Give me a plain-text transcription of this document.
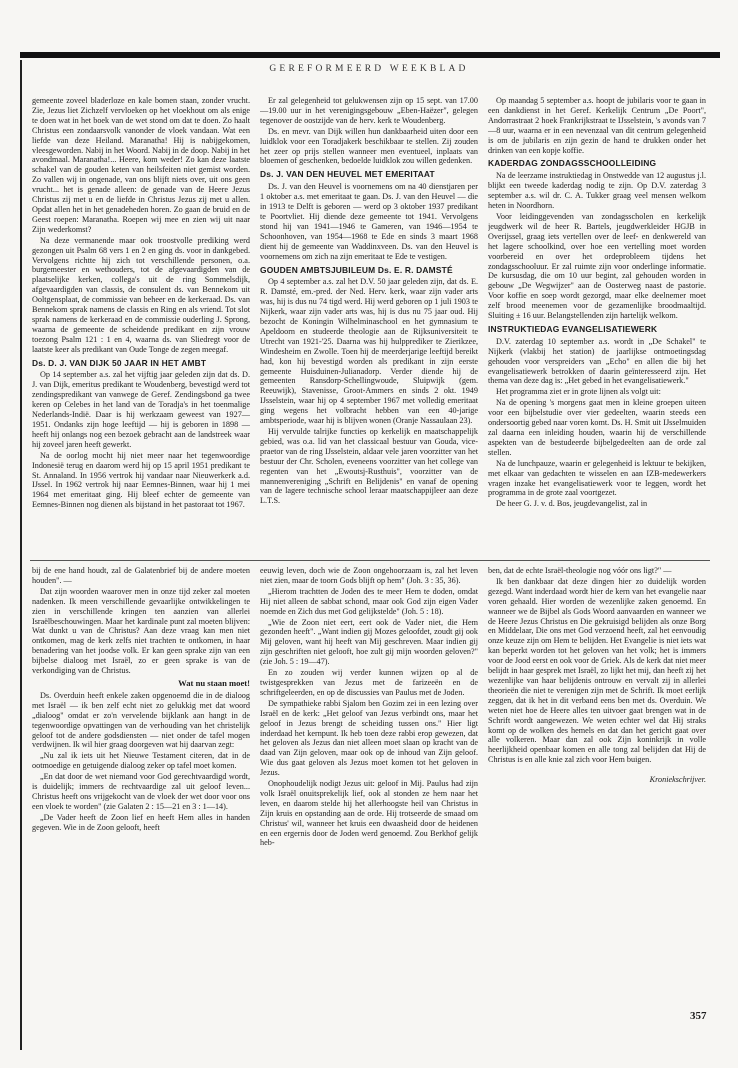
GEREFORMEERD WEEKBLAD

gemeente zoveel bladerloze en kale bomen staan, zonder vrucht. Zie, Jezus liet Zichzelf vervloeken op het vloekhout om als enige te doen wat in het boek van de wet stond om dat te doen. Zo haalt Christus een zondaarsvolk vanonder de vloek vandaan. Wat een liefde van deze Heiland. Maranatha! Hij is nabijgekomen, vleesgeworden. Nabij in het Woord. Nabij in de doop. Nabij in het avondmaal. Maranatha!... Heere, kom weder! Zo kan deze laatste schakel van de gouden keten van heilsfeiten niet gemist worden. Zo vallen wij in ongenade, van ons blijft niets over, uit ons geen vrucht... het is genade alleen: de genade van de Heere Jezus Christus zij met u en de liefde in Christus Jezus zij met u allen. Opdat allen het in het genadeheden horen. Zo gaan de bruid en de Geest roepen: Maranatha. Roepen wij mee en zien wij uit naar Zijn wederkomst?

Na deze vermanende maar ook troostvolle prediking werd gezongen uit Psalm 68 vers 1 en 2 en ging ds. voor in dankgebed. Vervolgens richtte hij zich tot verschillende personen, o.a. burgemeester en wethouders, tot de afgevaardigden van de plaatselijke kerken, collega's uit de ring Sommelsdijk, afgevaardigden van classis, de consulent ds. van Bennekom uit Ooltgensplaat, de commissie van beheer en de kerkeraad. Ds. van Bennekom sprak namens de classis en Ring en als vriend. Tot slot sprak namens de kerkeraad en de commissie ouderling J. Sprong, waarna de gemeente de scheidende predikant en zijn vrouw toezong Psalm 121 : 1 en 4, waarna ds. van Sliedregt voor de laatste keer als predikant van Oude Tonge de zegen meegaf.

Ds. D. J. VAN DIJK 50 JAAR IN HET AMBT

Op 14 september a.s. zal het vijftig jaar geleden zijn dat ds. D. J. van Dijk, emeritus predikant te Woudenberg, bevestigd werd tot zendingspredikant van vanwege de Geref. Zendingsbond ga twee keren op Celebes in het land van de Toradja's in het toenmalige Nederlands-Indië. Daar is hij werkzaam geweest van 1927—1951. Ondanks zijn hoge leeftijd — hij is geboren in 1898 — heeft hij onlangs nog een bezoek gebracht aan de landstreek waar hij zoveel jaren heeft gewerkt.

Na de oorlog mocht hij niet meer naar het tegenwoordige Indonesië terug en daarom werd hij op 15 april 1951 predikant te St. Annaland. In 1956 vertrok hij vandaar naar Nieuwerkerk a.d. IJssel. In 1962 vertrok hij naar Eemnes-Binnen, waar hij 1 mei 1964 met emeritaat ging. Hij bleef echter de gemeente van Eemnes-Binnen nog dienen als bijstand in het pastoraat tot 1967.

Er zal gelegenheid tot gelukwensen zijn op 15 sept. van 17.00—19.00 uur in het verenigingsgebouw „Eben-Haëzer", gelegen tegenover de oostzijde van de herv. kerk te Woudenberg.

Ds. en mevr. van Dijk willen hun dankbaarheid uiten door een luidklok voor een Toradjakerk beschikbaar te stellen. Zij zouden het zeer op prijs stellen wanneer men eventueel, inplaats van bloemen of geschenken, bedoelde luidklok zou willen gedenken.

Ds. J. VAN DEN HEUVEL MET EMERITAAT

Ds. J. van den Heuvel is voornemens om na 40 dienstjaren per 1 oktober a.s. met emeritaat te gaan. Ds. J. van den Heuvel — die in 1913 te Delft is geboren — werd op 3 oktober 1937 predikant te Poortvliet. Hij diende deze gemeente tot 1941. Vervolgens stond hij van 1941—1946 te Gameren, van 1946—1954 te Schoonhoven, van 1954—1968 te Ede en sinds 3 maart 1968 dient hij de gemeente van Waddinxveen. Ds. van den Heuvel is voornemens om zich na zijn emeritaat te Ede te vestigen.

GOUDEN AMBTSJUBILEUM Ds. E. R. DAMSTÉ

Op 4 september a.s. zal het D.V. 50 jaar geleden zijn, dat ds. E. R. Damsté, em.-pred. der Ned. Herv. kerk, waar zijn vader arts was, hij is dus nu 74 tigd werd. Hij werd geboren op 1 juli 1903 te Nijkerk, waar zijn vader arts was, hij is dus nu 75 jaar oud. Hij bezocht de Koningin Wilhelminaschool en het gymnasium te Apeldoorn en studeerde theologie aan de Rijksuniversiteit te Utrecht van 1921-'25. Daarna was hij hulpprediker te Zierikzee, Windesheim en Zwolle. Toen hij de meerderjarige leeftijd bereikt had, kon hij bevestigd worden als predikant in zijn eerste gemeente Huisduinen-Julianadorp. Verder diende hij de gemeenten Ransdorp-Schellingwoude, Sluipwijk (gem. Reeuwijk), Stavenisse, Groot-Ammers en sinds 2 okt. 1949 IJsselstein, waar hij op 4 september 1967 met volledig emeritaat ging wegens het volbracht hebben van een 40-jarige ambtsperiode, waar hij is blijven wonen (Oranje Nassaulaan 23).

Hij vervulde talrijke functies op kerkelijk en maatschappelijk gebied, was o.a. lid van het classicaal bestuur van Gouda, vice-praetor van de ring IJsselstein, aldaar vele jaren voorzitter van het bestuur der Chr. Scholen, eveneens voorzitter van het college van regenten van het „Ewoutsj-Rusthuis", voorzitter van de mannenvereniging „Schrift en Belijdenis" en vanaf de opening van de lagere technische school leraar maatschappijleer aan deze L.T.S.

Op maandag 5 september a.s. hoopt de jubilaris voor te gaan in een dankdienst in het Geref. Kerkelijk Centrum „De Poort", Andorrastraat 2 hoek Frankrijkstraat te IJsselstein, 's avonds van 7—8 uur, waarna er in een nevenzaal van dit centrum gelegenheid is om de jubilaris en zijn gezin de hand te drukken onder het drinken van een kopje koffie.

KADERDAG ZONDAGSSCHOOLLEIDING

Na de leerzame instruktiedag in Onstwedde van 12 augustus j.l. blijkt een tweede kaderdag nodig te zijn. Op D.V. zaterdag 3 september a.s. wil dr. C. A. Tukker graag veel mensen welkom heten in Noordhorn.

Voor leidinggevenden van zondagsscholen en kerkelijk jeugdwerk wil de heer R. Bartels, jeugdwerkleider HGJB in Overijssel, graag iets vertellen over de leef- en denkwereld van het lagere schoolkind, over hoe een vertelling moet worden voorbereid en over het ordeprobleem tijdens het zondagsschooluur. Er zal ruimte zijn voor onderlinge informatie. De kursusdag, die om 10 uur begint, zal gehouden worden in gebouw „De Wegwijzer" aan de Oosterweg naast de pastorie. Voor koffie en soep wordt gezorgd, maar elke deelnemer moet zelf brood meenemen voor de gezamenlijke broodmaaltijd. Sluiting ± 16 uur. Belangstellenden zijn hartelijk welkom.

INSTRUKTIEDAG EVANGELISATIEWERK

D.V. zaterdag 10 september a.s. wordt in „De Schakel" te Nijkerk (vlakbij het station) de jaarlijkse ontmoetingsdag gehouden voor verspreiders van „Echo" en allen die bij het evangelisatiewerk betrokken of daarin geïnteresseerd zijn. Het thema van deze dag is: „Het gebed in het evangelisatiewerk."

Het programma ziet er in grote lijnen als volgt uit:

Na de opening 's morgens gaat men in kleine groepen uiteen voor een bijbelstudie over vier gedeelten, waarin steeds een ondersoortig gebed naar voren komt. Ds. H. Smit uit IJsselmuiden zal daarna een inleiding houden, waarin hij de verschillende aspekten van de bestudeerde bijbelgedeelten aan de orde zal stellen.

Na de lunchpauze, waarin er gelegenheid is lektuur te bekijken, met elkaar van gedachten te wisselen en aan IZB-medewerkers vragen inzake het evangelisatiewerk voor te leggen, wordt het programma in de grote zaal voortgezet.

De heer G. J. v. d. Bos, jeugdevangelist, zal in

bij de ene hand houdt, zal de Galatenbrief bij de andere moeten houden". —

Dat zijn woorden waarover men in onze tijd zeker zal moeten nadenken. Ik meen verschillende gevaarlijke ontwikkelingen te zien in verschillende kringen ten aanzien van allerlei Israëlbeschouwingen. Maar het kardinale punt zal moeten blijven: Wat dunkt u van de Christus? Aan deze vraag kan men niet ontkomen, mag de kerk zelfs niet trachten te ontkomen, in haar benadering van het joodse volk. Er kan geen sprake zijn van een bijbelse dialoog met Israël, zo er geen sprake is van de verkondiging van de Christus.

Wat nu staan moet!

Ds. Overduin heeft enkele zaken opgenoemd die in de dialoog met Israël — ik ben zelf echt niet zo gelukkig met dat woord „dialoog" omdat er zo'n vervelende bijklank aan hangt in de tegenwoordige opvattingen van de verhouding van het christelijk geloof tot de andere godsdiensten — niet onder de tafel mogen verdwijnen. Ik wil hier graag doorgeven wat hij daarvan zegt:

„Nu zal ik iets uit het Nieuwe Testament citeren, dat in de ootmoedige en getuigende dialoog zeker op tafel moet komen.

„En dat door de wet niemand voor God gerechtvaardigd wordt, is duidelijk; immers de rechtvaardige zal uit geloof leven... Christus heeft ons vrijgekocht van de vloek der wet door voor ons een vloek te worden" (zie Galaten 2 : 15—21 en 3 : 1—14).

„De Vader heeft de Zoon lief en heeft Hem alles in handen gegeven. Wie in de Zoon gelooft, heeft

eeuwig leven, doch wie de Zoon ongehoorzaam is, zal het leven niet zien, maar de toorn Gods blijft op hem" (Joh. 3 : 35, 36).

„Hierom trachtten de Joden des te meer Hem te doden, omdat Hij niet alleen de sabbat schond, maar ook God zijn eigen Vader noemde en Zich dus met God gelijkstelde" (Joh. 5 : 18).

„Wie de Zoon niet eert, eert ook de Vader niet, die Hem gezonden heeft". „Want indien gij Mozes geloofdet, zoudt gij ook Mij geloven, want hij heeft van Mij geschreven. Maar indien gij zijn geschriften niet gelooft, hoe zult gij mijn woorden geloven?" (zie Joh. 5 : 19—47).

En zo zouden wij verder kunnen wijzen op al de twistgesprekken van Jezus met de farizeeën en de schriftgeleerden, en op de discussies van Paulus met de Joden.

De sympathieke rabbi Sjalom ben Gozim zei in een lezing over Israël en de kerk: „Het geloof van Jezus verbindt ons, maar het geloof in Jezus brengt de scheiding tussen ons." Hier ligt inderdaad het kernpunt. Ik heb toen deze rabbi erop gewezen, dat het geloven als Jezus dan niet alleen moet slaan op kracht van de daad van Zijn geloven, maar ook op de inhoud van Zijn geloof. Wie dus gaat geloven als Jezus moet komen tot het geloven in Jezus.

Onophoudelijk nodigt Jezus uit: geloof in Mij. Paulus had zijn volk Israël onuitsprekelijk lief, ook al stonden ze hem naar het leven, en daarom stelde hij het allerhoogste heil van Christus in Zijn kruis en opstanding aan de orde. Hij trotseerde de smaad om Christus' wil, wanneer het kruis een dwaasheid door de heidenen en een ergernis door de Joden werd genoemd. Zou Berkhof gelijk heb-

ben, dat de echte Israël-theologie nog vóór ons ligt?" —

Ik ben dankbaar dat deze dingen hier zo duidelijk worden gezegd. Want inderdaad wordt hier de kern van het evangelie naar voren gehaald. Hier worden de wezenlijke zaken genoemd. En wanneer we de Bijbel als Gods Woord aanvaarden en wanneer we de Heere Jezus Christus en Die gekruisigd belijden als onze Borg en Middelaar, Die ons met God verzoend heeft, zal het eenvoudig onze keuze zijn om Hem te belijden. Het Evangelie is niet iets wat kan beperkt worden tot het geloven van het volk; het is immers voor de Jood eerst en ook voor de Griek. Als de kerk dat niet meer belijdt in haar gesprek met Israël, zo lijkt het mij, dan heeft zij het wezenlijke van haar belijdenis ontrouw en vervalt zij in allerlei theorieën die niet te verenigen zijn met de Schrift. Ik moet eerlijk zeggen, dat ik het in dit verband eens ben met ds. Overduin. We weten niet hoe de Heere alles ten uitvoer gaat brengen wat in de Schrift wordt aangewezen. We weten echter wel dat Hij straks komt op de wolken des hemels en dat dan het gericht gaat over alle volkeren. Maar dan zal ook Zijn koninkrijk in volle heerlijkheid openbaar komen en alle tong zal belijden dat Hij de Christus is en alle knie zal zich voor Hem buigen.

Kroniekschrijver.
357
